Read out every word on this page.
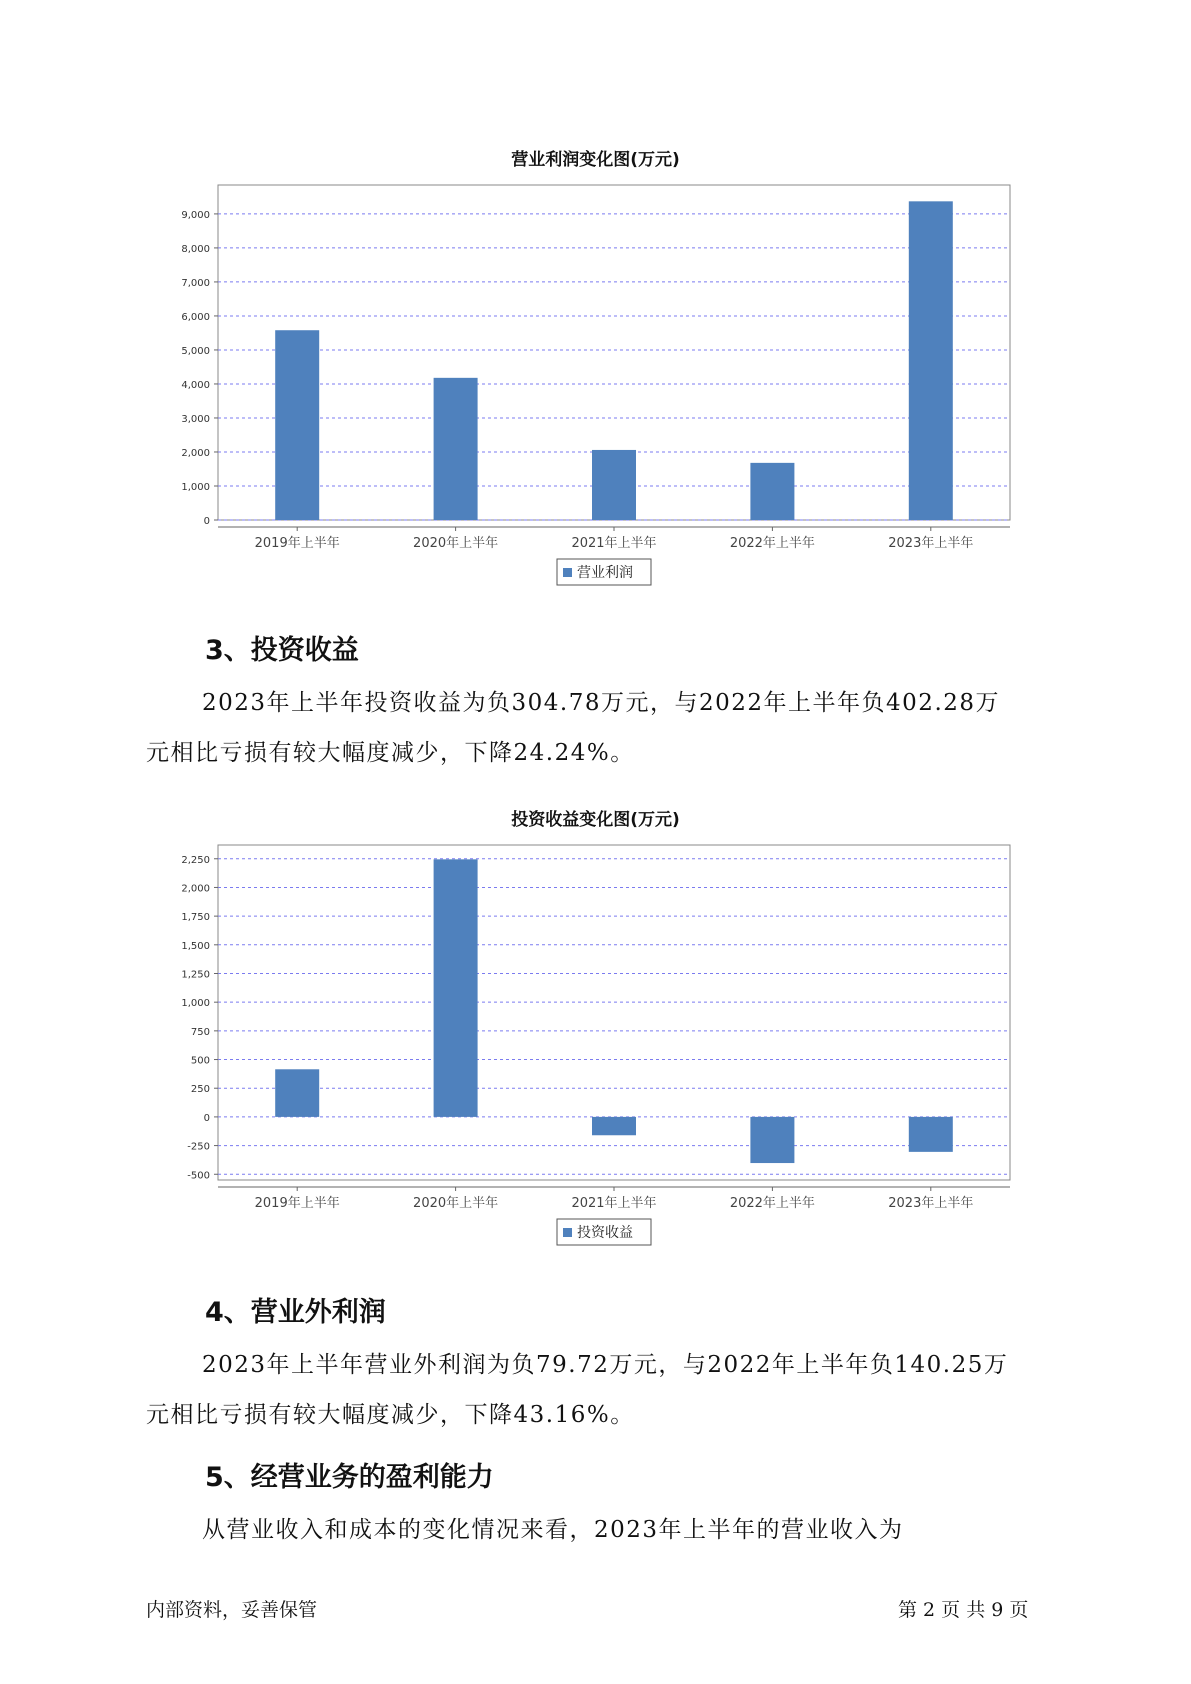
营业利润变化图(万元)
0
1,000
2,000
3,000
4,000
5,000
6,000
7,000
8,000
9,000
2019年上半年	2020年上半年	2021年上半年	2022年上半年	2023年上半年
营业利润
3、投资收益
2023年上半年投资收益为负304.78万元，与2022年上半年负402.28万
元相比亏损有较大幅度减少，下降24.24%。
投资收益变化图(万元)
-500
-250
0
250
500
750
1,000
1,250
1,500
1,750
2,000
2,250
2019年上半年	2020年上半年	2021年上半年	2022年上半年	2023年上半年
投资收益
4、营业外利润
2023年上半年营业外利润为负79.72万元，与2022年上半年负140.25万
元相比亏损有较大幅度减少，下降43.16%。
5、经营业务的盈利能力
从营业收入和成本的变化情况来看，2023年上半年的营业收入为
内部资料，妥善保管	第 2 页 共 9 页
